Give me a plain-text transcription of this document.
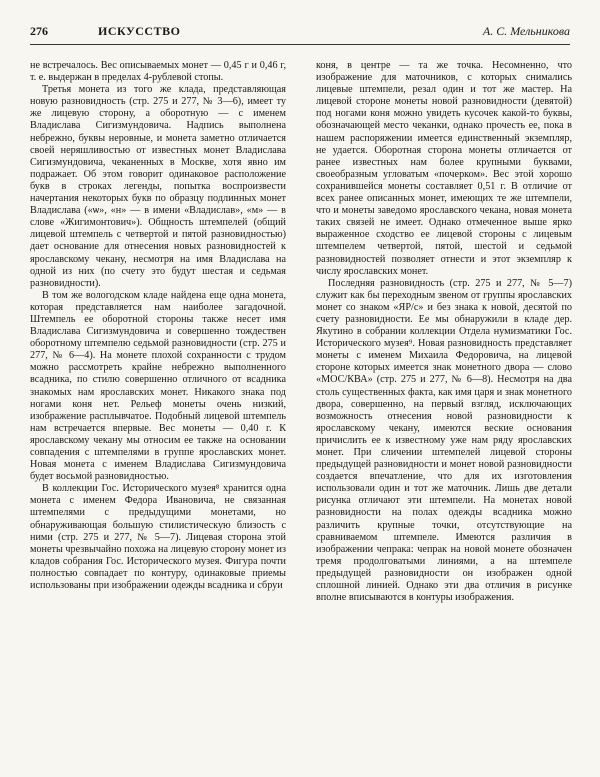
276	ИСКУССТВО	А. С. Мельникова

не встречалось. Вес описываемых монет — 0,45 г и 0,46 г, т. е. выдержан в пределах 4-рублевой стопы.

Третья монета из того же клада, представляющая новую разновидность (стр. 275 и 277, № 3—6), имеет ту же лицевую сторону, а оборотную — с именем Владислава Сигизмундовича. Надпись выполнена небрежно, буквы неровные, и монета заметно отличается своей неряшливостью от известных монет Владислава Сигизмундовича, чеканенных в Москве, хотя явно им подражает. Об этом говорит одинаковое расположение букв в строках легенды, попытка воспроизвести начертания некоторых букв по образцу подлинных монет Владислава («ѡ», «н» — в имени «Владислав», «м» — в слове «Жигимонтович»). Общность штемпелей (общий лицевой штемпель с четвертой и пятой разновидностью) дает основание для отнесения новых разновидностей к ярославскому чекану, несмотря на имя Владислава на одной из них (по счету это будут шестая и седьмая разновидности).

В том же вологодском кладе найдена еще одна монета, которая представляется нам наиболее загадочной. Штемпель ее оборотной стороны также несет имя Владислава Сигизмундовича и совершенно тождествен оборотному штемпелю седьмой разновидности (стр. 275 и 277, № 6—4). На монете плохой сохранности с трудом можно рассмотреть крайне небрежно выполненного всадника, по стилю совершенно отличного от всадника знакомых нам ярославских монет. Никакого знака под ногами коня нет. Рельеф монеты очень низкий, изображение расплывчатое. Подобный лицевой штемпель нам встречается впервые. Вес монеты — 0,40 г. К ярославскому чекану мы относим ее также на основании совпадения с штемпелями в группе ярославских монет. Новая монета с именем Владислава Сигизмундовича будет восьмой разновидностью.

В коллекции Гос. Исторического музея⁸ хранится одна монета с именем Федора Ивановича, не связанная штемпелями с предыдущими монетами, но обнаруживающая большую стилистическую близость с ними (стр. 275 и 277, № 5—7). Лицевая сторона этой монеты чрезвычайно похожа на лицевую сторону монет из кладов собрания Гос. Исторического музея. Фигура почти полностью совпадает по контуру, одинаковые приемы использованы при изображении одежды всадника и сбруи

коня, в центре — та же точка. Несомненно, что изображение для маточников, с которых снимались лицевые штемпели, резал один и тот же мастер. На лицевой стороне монеты новой разновидности (девятой) под ногами коня можно увидеть кусочек какой-то буквы, обозначающей место чеканки, однако прочесть ее, пока в нашем распоряжении имеется единственный экземпляр, не удается. Оборотная сторона монеты отличается от ранее известных нам более крупными буквами, своеобразным угловатым «почерком». Вес этой хорошо сохранившейся монеты составляет 0,51 г. В отличие от всех ранее описанных монет, имеющих те же штемпели, что и монеты заведомо ярославского чекана, новая монета таких связей не имеет. Однако отмеченное выше ярко выраженное сходство ее лицевой стороны с лицевым штемпелем четвертой, пятой, шестой и седьмой разновидностей позволяет отнести и этот экземпляр к числу ярославских монет.

Последняя разновидность (стр. 275 и 277, № 5—7) служит как бы переходным звеном от группы ярославских монет со знаком «ЯР/с» и без знака к новой, десятой по счету разновидности. Ее мы обнаружили в кладе дер. Якутино в собрании коллекции Отдела нумизматики Гос. Исторического музея⁹. Новая разновидность представляет монеты с именем Михаила Федоровича, на лицевой стороне которых имеется знак монетного двора — слово «МОС/КВА» (стр. 275 и 277, № 6—8). Несмотря на два столь существенных факта, как имя царя и знак монетного двора, совершенно, на первый взгляд, исключающих возможность отнесения новой разновидности к ярославскому чекану, имеются веские основания причислить ее к известному уже нам ряду ярославских монет. При сличении штемпелей лицевой стороны предыдущей разновидности и монет новой разновидности создается впечатление, что для их изготовления использовали один и тот же маточник. Лишь две детали рисунка отличают эти штемпели. На монетах новой разновидности на полах одежды всадника можно различить крупные точки, отсутствующие на сравниваемом штемпеле. Имеются различия в изображении чепрака: чепрак на новой монете обозначен тремя продолговатыми линиями, а на штемпеле предыдущей разновидности он изображен одной сплошной линией. Однако эти два отличия в рисунке вполне вписываются в контуры изображения.
